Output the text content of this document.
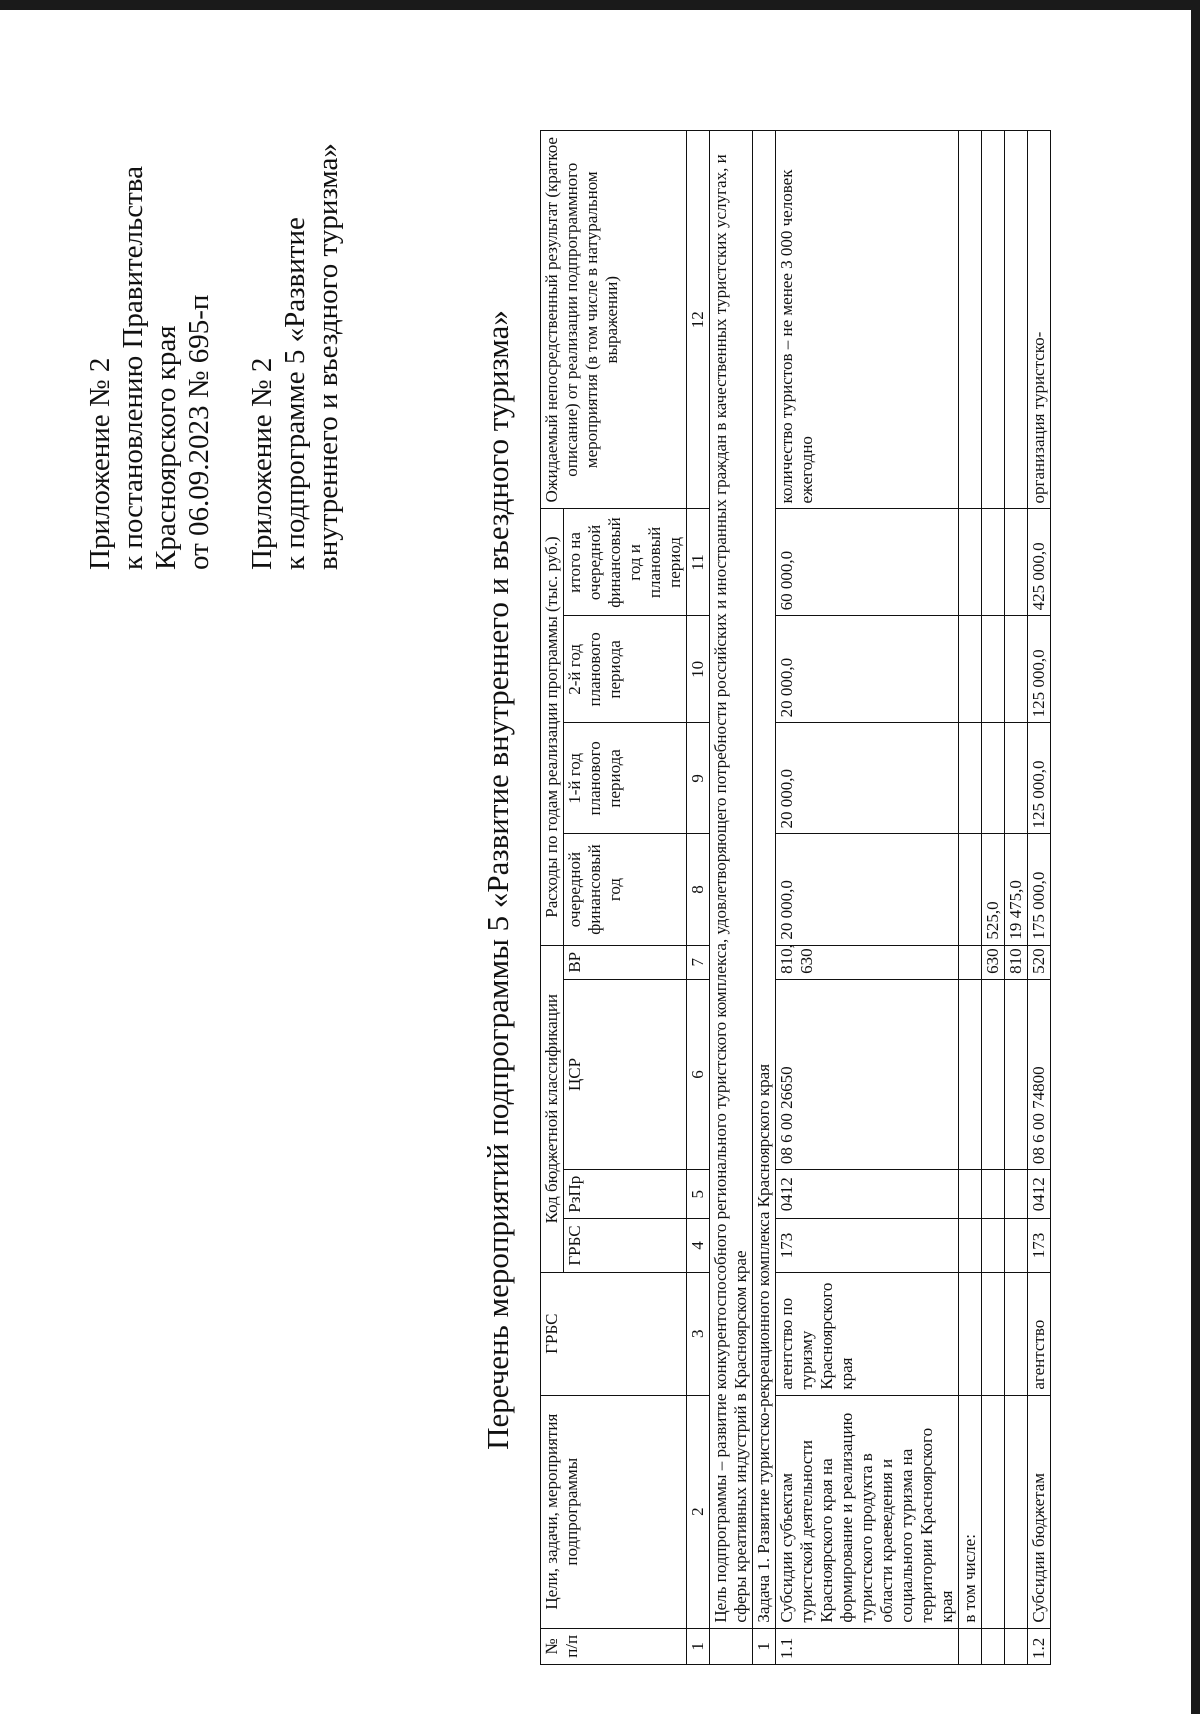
Приложение № 2 к постановлению Правительства Красноярского края от 06.09.2023 № 695-п Приложение № 2 к подпрограмме 5 «Развитие внутреннего и въездного туризма»	Перечень мероприятий подпрограммы 5 «Развитие внутреннего и въездного туризма»
№ п/п	Цели, задачи, мероприятия подпрограммы	ГРБС	Код бюджетной классификации				Расходы по годам реализации программы (тыс. руб.)				Ожидаемый непосредственный результат (краткое описание) от реализации подпрограммного мероприятия (в том числе в натуральном выражении)
			ГРБС	РзПр	ЦСР	ВР	очередной финансовый год	1-й год планового периода	2-й год планового периода	итого на очередной финансовый год и плановый период	

1	2	3	4	5	6	7	8	9	10	11	12
	Цель подпрограммы – развитие конкурентоспособного регионального туристского комплекса, удовлетворяющего потребности российских и иностранных граждан в качественных туристских услугах, и сферы креативных индустрий в Красноярском крае										
1	Задача 1. Развитие туристско-рекреационного комплекса Красноярского края										
1.1	Субсидии субъектам туристской деятельности Красноярского края на формирование и реализацию туристского продукта в области краеведения и социального туризма на территории Красноярского края	агентство по туризму Красноярского края	173	0412	08 6 00 26650	810, 630	20 000,0	20 000,0	20 000,0	60 000,0	количество туристов – не менее 3 000 человек ежегодно
	в том числе:										
						630	525,0				
						810	19 475,0				
1.2	Субсидии бюджетам	агентство	173	0412	08 6 00 74800	520	175 000,0	125 000,0	125 000,0	425 000,0	организация туристско-
